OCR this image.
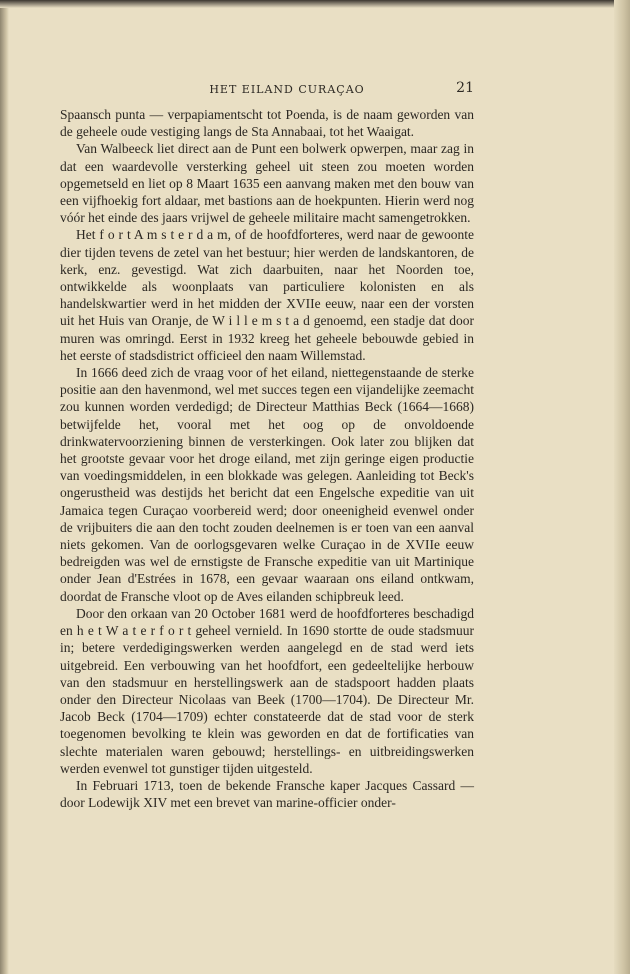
HET EILAND CURAÇAO	21

Spaansch punta — verpapiamentscht tot Poenda, is de naam geworden van de geheele oude vestiging langs de Sta Annabaai, tot het Waaigat.

Van Walbeeck liet direct aan de Punt een bolwerk opwerpen, maar zag in dat een waardevolle versterking geheel uit steen zou moeten worden opgemetseld en liet op 8 Maart 1635 een aanvang maken met den bouw van een vijfhoekig fort aldaar, met bastions aan de hoekpunten. Hierin werd nog vóór het einde des jaars vrijwel de geheele militaire macht samengetrokken.

Het f o r t A m s t e r d a m, of de hoofdforteres, werd naar de gewoonte dier tijden tevens de zetel van het bestuur; hier werden de landskantoren, de kerk, enz. gevestigd. Wat zich daarbuiten, naar het Noorden toe, ontwikkelde als woonplaats van particuliere kolonisten en als handelskwartier werd in het midden der XVIIe eeuw, naar een der vorsten uit het Huis van Oranje, de W i l l e m s t a d genoemd, een stadje dat door muren was omringd. Eerst in 1932 kreeg het geheele bebouwde gebied in het eerste of stadsdistrict officieel den naam Willemstad.

In 1666 deed zich de vraag voor of het eiland, niettegenstaande de sterke positie aan den havenmond, wel met succes tegen een vijandelijke zeemacht zou kunnen worden verdedigd; de Directeur Matthias Beck (1664—1668) betwijfelde het, vooral met het oog op de onvoldoende drinkwatervoorziening binnen de versterkingen. Ook later zou blijken dat het grootste gevaar voor het droge eiland, met zijn geringe eigen productie van voedingsmiddelen, in een blokkade was gelegen. Aanleiding tot Beck's ongerustheid was destijds het bericht dat een Engelsche expeditie van uit Jamaica tegen Curaçao voorbereid werd; door oneenigheid evenwel onder de vrijbuiters die aan den tocht zouden deelnemen is er toen van een aanval niets gekomen. Van de oorlogsgevaren welke Curaçao in de XVIIe eeuw bedreigden was wel de ernstigste de Fransche expeditie van uit Martinique onder Jean d'Estrées in 1678, een gevaar waaraan ons eiland ontkwam, doordat de Fransche vloot op de Aves eilanden schipbreuk leed.

Door den orkaan van 20 October 1681 werd de hoofdforteres beschadigd en h e t W a t e r f o r t geheel vernield. In 1690 stortte de oude stadsmuur in; betere verdedigingswerken werden aangelegd en de stad werd iets uitgebreid. Een verbouwing van het hoofdfort, een gedeeltelijke herbouw van den stadsmuur en herstellingswerk aan de stadspoort hadden plaats onder den Directeur Nicolaas van Beek (1700—1704). De Directeur Mr. Jacob Beck (1704—1709) echter constateerde dat de stad voor de sterk toegenomen bevolking te klein was geworden en dat de fortificaties van slechte materialen waren gebouwd; herstellings- en uitbreidingswerken werden evenwel tot gunstiger tijden uitgesteld.

In Februari 1713, toen de bekende Fransche kaper Jacques Cassard — door Lodewijk XIV met een brevet van marine-officier onder-
